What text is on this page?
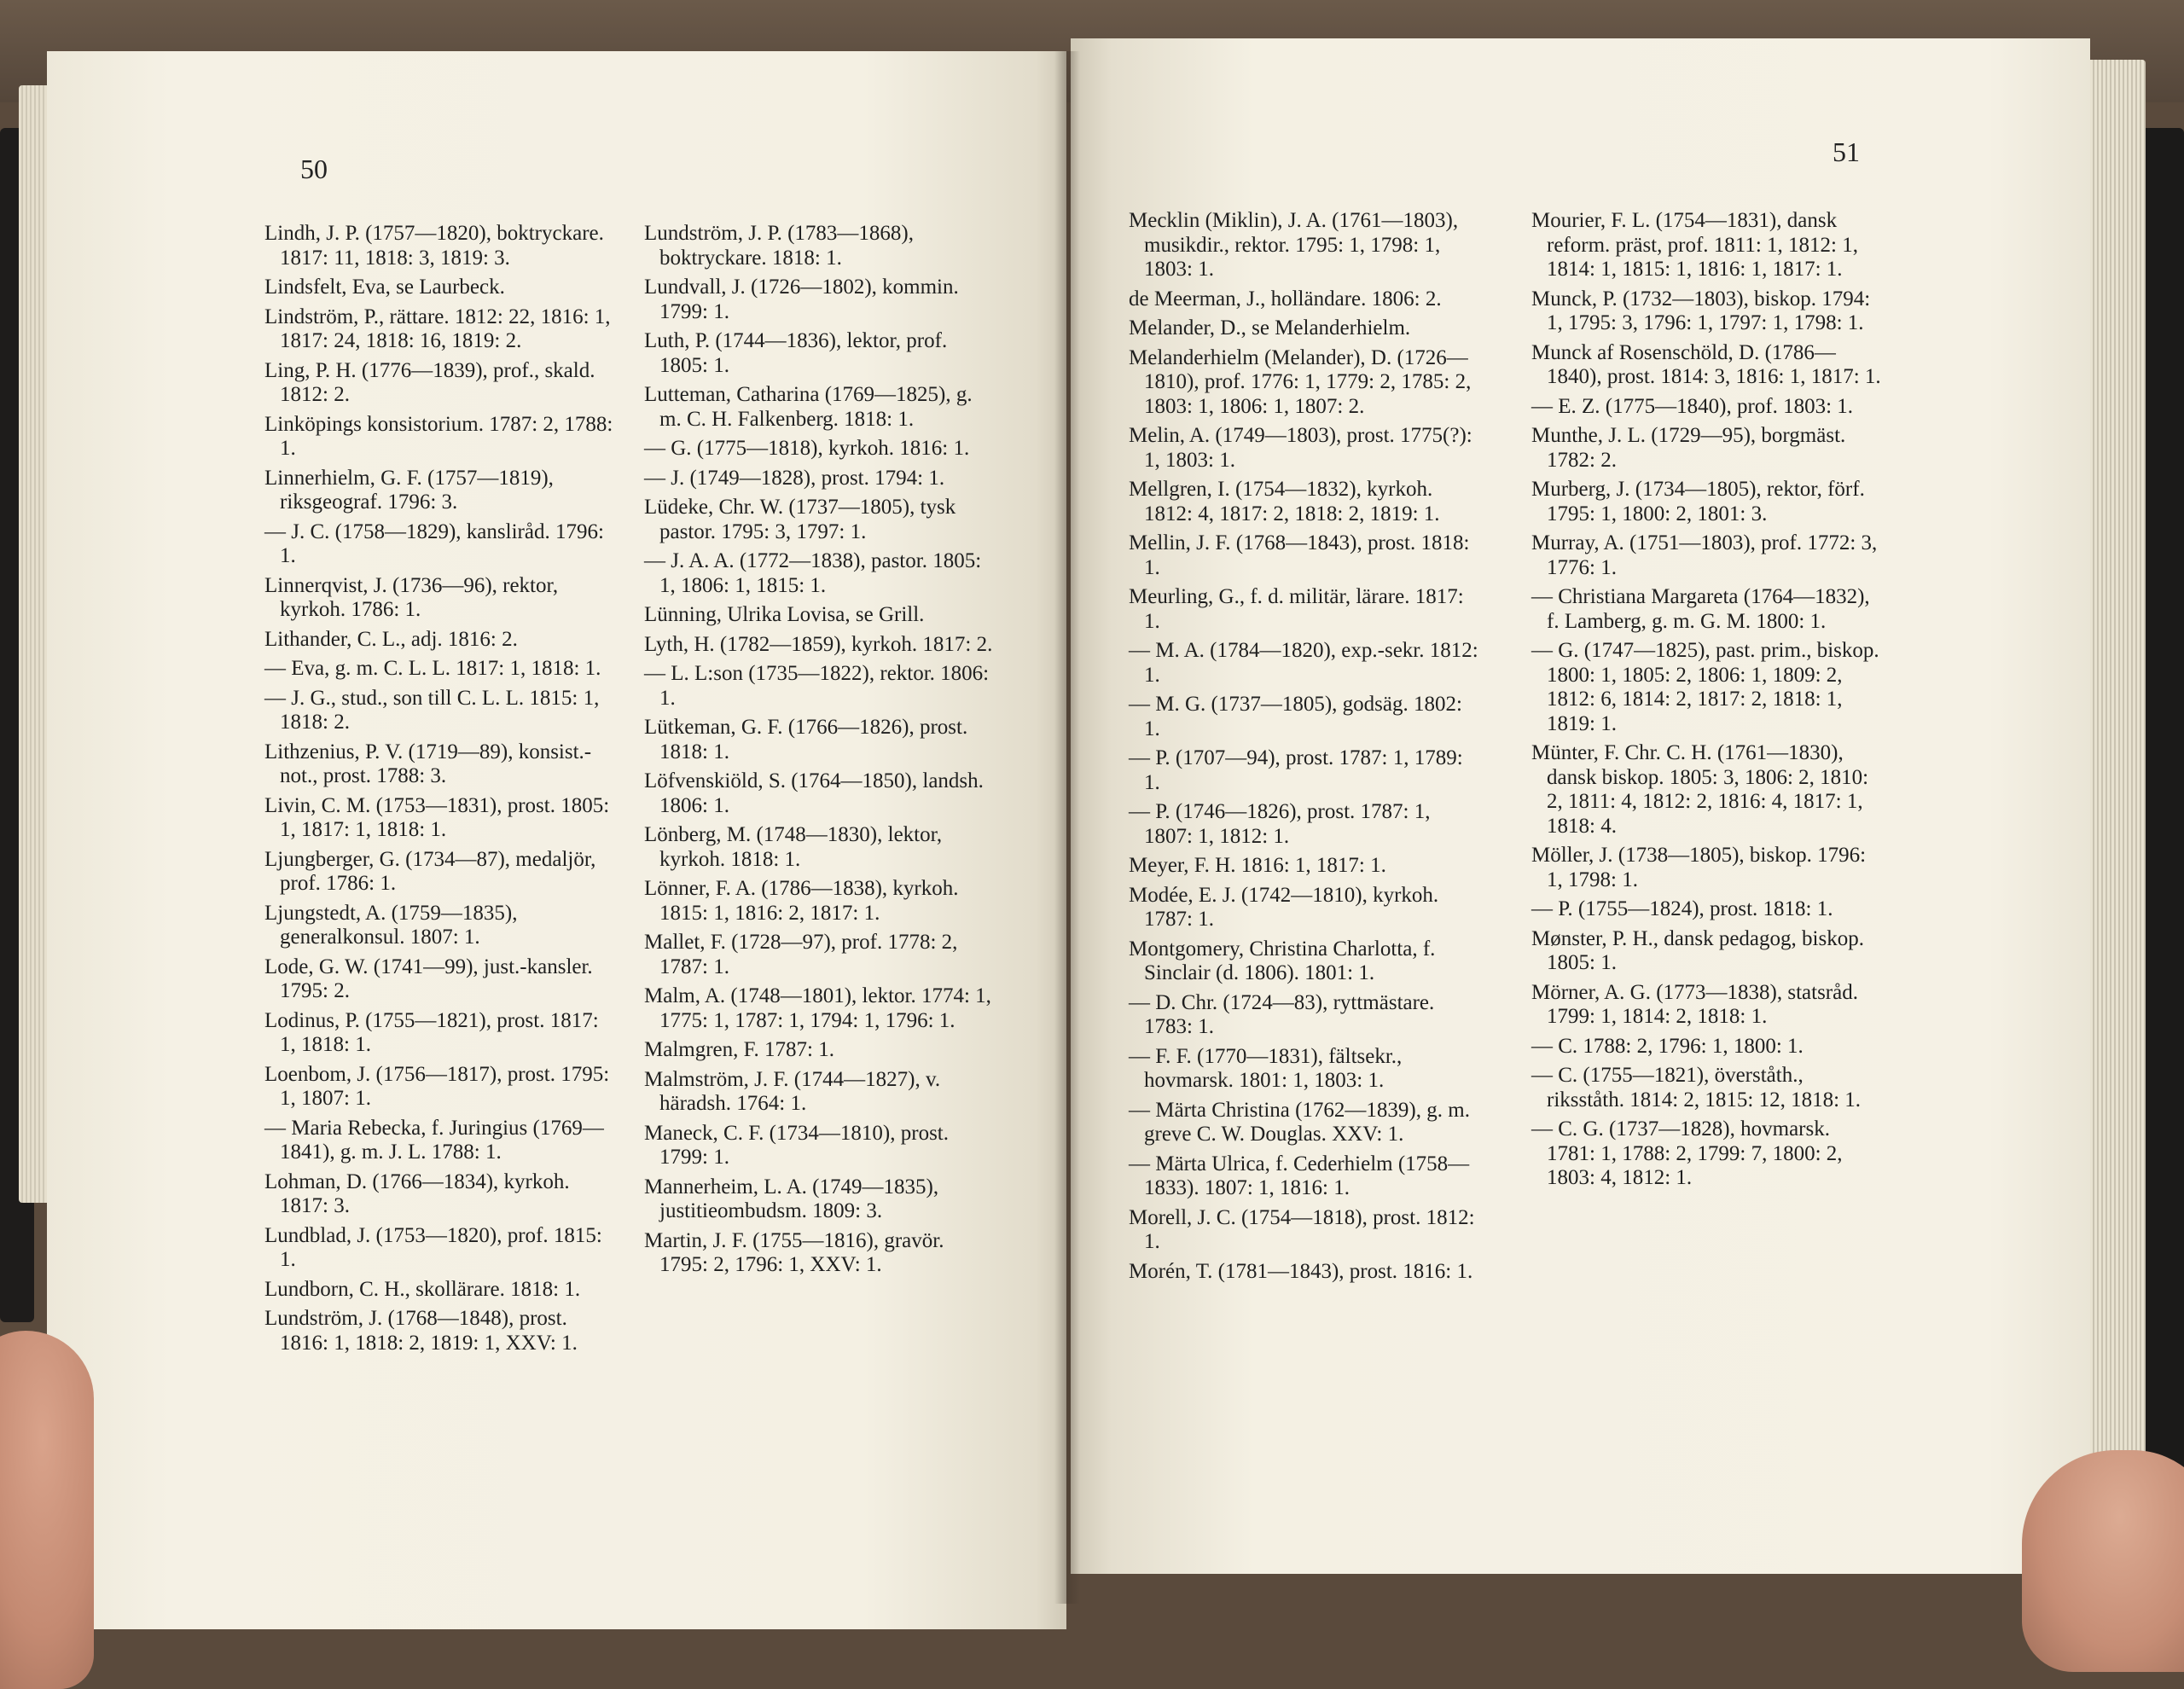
50
Lindh, J. P. (1757—1820), boktryckare. 1817: 11, 1818: 3, 1819: 3.
Lindsfelt, Eva, se Laurbeck.
Lindström, P., rättare. 1812: 22, 1816: 1, 1817: 24, 1818: 16, 1819: 2.
Ling, P. H. (1776—1839), prof., skald. 1812: 2.
Linköpings konsistorium. 1787: 2, 1788: 1.
Linnerhielm, G. F. (1757—1819), riksgeograf. 1796: 3.
— J. C. (1758—1829), kansliråd. 1796: 1.
Linnerqvist, J. (1736—96), rektor, kyrkoh. 1786: 1.
Lithander, C. L., adj. 1816: 2.
— Eva, g. m. C. L. L. 1817: 1, 1818: 1.
— J. G., stud., son till C. L. L. 1815: 1, 1818: 2.
Lithzenius, P. V. (1719—89), konsist.-not., prost. 1788: 3.
Livin, C. M. (1753—1831), prost. 1805: 1, 1817: 1, 1818: 1.
Ljungberger, G. (1734—87), medaljör, prof. 1786: 1.
Ljungstedt, A. (1759—1835), generalkonsul. 1807: 1.
Lode, G. W. (1741—99), just.-kansler. 1795: 2.
Lodinus, P. (1755—1821), prost. 1817: 1, 1818: 1.
Loenbom, J. (1756—1817), prost. 1795: 1, 1807: 1.
— Maria Rebecka, f. Juringius (1769—1841), g. m. J. L. 1788: 1.
Lohman, D. (1766—1834), kyrkoh. 1817: 3.
Lundblad, J. (1753—1820), prof. 1815: 1.
Lundborn, C. H., skollärare. 1818: 1.
Lundström, J. (1768—1848), prost. 1816: 1, 1818: 2, 1819: 1, XXV: 1.
Lundström, J. P. (1783—1868), boktryckare. 1818: 1.
Lundvall, J. (1726—1802), kommin. 1799: 1.
Luth, P. (1744—1836), lektor, prof. 1805: 1.
Lutteman, Catharina (1769—1825), g. m. C. H. Falkenberg. 1818: 1.
— G. (1775—1818), kyrkoh. 1816: 1.
— J. (1749—1828), prost. 1794: 1.
Lüdeke, Chr. W. (1737—1805), tysk pastor. 1795: 3, 1797: 1.
— J. A. A. (1772—1838), pastor. 1805: 1, 1806: 1, 1815: 1.
Lünning, Ulrika Lovisa, se Grill.
Lyth, H. (1782—1859), kyrkoh. 1817: 2.
— L. L:son (1735—1822), rektor. 1806: 1.
Lütkeman, G. F. (1766—1826), prost. 1818: 1.
Löfvenskiöld, S. (1764—1850), landsh. 1806: 1.
Lönberg, M. (1748—1830), lektor, kyrkoh. 1818: 1.
Lönner, F. A. (1786—1838), kyrkoh. 1815: 1, 1816: 2, 1817: 1.
Mallet, F. (1728—97), prof. 1778: 2, 1787: 1.
Malm, A. (1748—1801), lektor. 1774: 1, 1775: 1, 1787: 1, 1794: 1, 1796: 1.
Malmgren, F. 1787: 1.
Malmström, J. F. (1744—1827), v. häradsh. 1764: 1.
Maneck, C. F. (1734—1810), prost. 1799: 1.
Mannerheim, L. A. (1749—1835), justitieombudsm. 1809: 3.
Martin, J. F. (1755—1816), gravör. 1795: 2, 1796: 1, XXV: 1.
51
Mecklin (Miklin), J. A. (1761—1803), musikdir., rektor. 1795: 1, 1798: 1, 1803: 1.
de Meerman, J., holländare. 1806: 2.
Melander, D., se Melanderhielm.
Melanderhielm (Melander), D. (1726—1810), prof. 1776: 1, 1779: 2, 1785: 2, 1803: 1, 1806: 1, 1807: 2.
Melin, A. (1749—1803), prost. 1775(?): 1, 1803: 1.
Mellgren, I. (1754—1832), kyrkoh. 1812: 4, 1817: 2, 1818: 2, 1819: 1.
Mellin, J. F. (1768—1843), prost. 1818: 1.
Meurling, G., f. d. militär, lärare. 1817: 1.
— M. A. (1784—1820), exp.-sekr. 1812: 1.
— M. G. (1737—1805), godsäg. 1802: 1.
— P. (1707—94), prost. 1787: 1, 1789: 1.
— P. (1746—1826), prost. 1787: 1, 1807: 1, 1812: 1.
Meyer, F. H. 1816: 1, 1817: 1.
Modée, E. J. (1742—1810), kyrkoh. 1787: 1.
Montgomery, Christina Charlotta, f. Sinclair (d. 1806). 1801: 1.
— D. Chr. (1724—83), ryttmästare. 1783: 1.
— F. F. (1770—1831), fältsekr., hovmarsk. 1801: 1, 1803: 1.
— Märta Christina (1762—1839), g. m. greve C. W. Douglas. XXV: 1.
— Märta Ulrica, f. Cederhielm (1758—1833). 1807: 1, 1816: 1.
Morell, J. C. (1754—1818), prost. 1812: 1.
Morén, T. (1781—1843), prost. 1816: 1.
Mourier, F. L. (1754—1831), dansk reform. präst, prof. 1811: 1, 1812: 1, 1814: 1, 1815: 1, 1816: 1, 1817: 1.
Munck, P. (1732—1803), biskop. 1794: 1, 1795: 3, 1796: 1, 1797: 1, 1798: 1.
Munck af Rosenschöld, D. (1786—1840), prost. 1814: 3, 1816: 1, 1817: 1.
— E. Z. (1775—1840), prof. 1803: 1.
Munthe, J. L. (1729—95), borgmäst. 1782: 2.
Murberg, J. (1734—1805), rektor, förf. 1795: 1, 1800: 2, 1801: 3.
Murray, A. (1751—1803), prof. 1772: 3, 1776: 1.
— Christiana Margareta (1764—1832), f. Lamberg, g. m. G. M. 1800: 1.
— G. (1747—1825), past. prim., biskop. 1800: 1, 1805: 2, 1806: 1, 1809: 2, 1812: 6, 1814: 2, 1817: 2, 1818: 1, 1819: 1.
Münter, F. Chr. C. H. (1761—1830), dansk biskop. 1805: 3, 1806: 2, 1810: 2, 1811: 4, 1812: 2, 1816: 4, 1817: 1, 1818: 4.
Möller, J. (1738—1805), biskop. 1796: 1, 1798: 1.
— P. (1755—1824), prost. 1818: 1.
Mønster, P. H., dansk pedagog, biskop. 1805: 1.
Mörner, A. G. (1773—1838), statsråd. 1799: 1, 1814: 2, 1818: 1.
— C. 1788: 2, 1796: 1, 1800: 1.
— C. (1755—1821), överståth., riksståth. 1814: 2, 1815: 12, 1818: 1.
— C. G. (1737—1828), hovmarsk. 1781: 1, 1788: 2, 1799: 7, 1800: 2, 1803: 4, 1812: 1.
